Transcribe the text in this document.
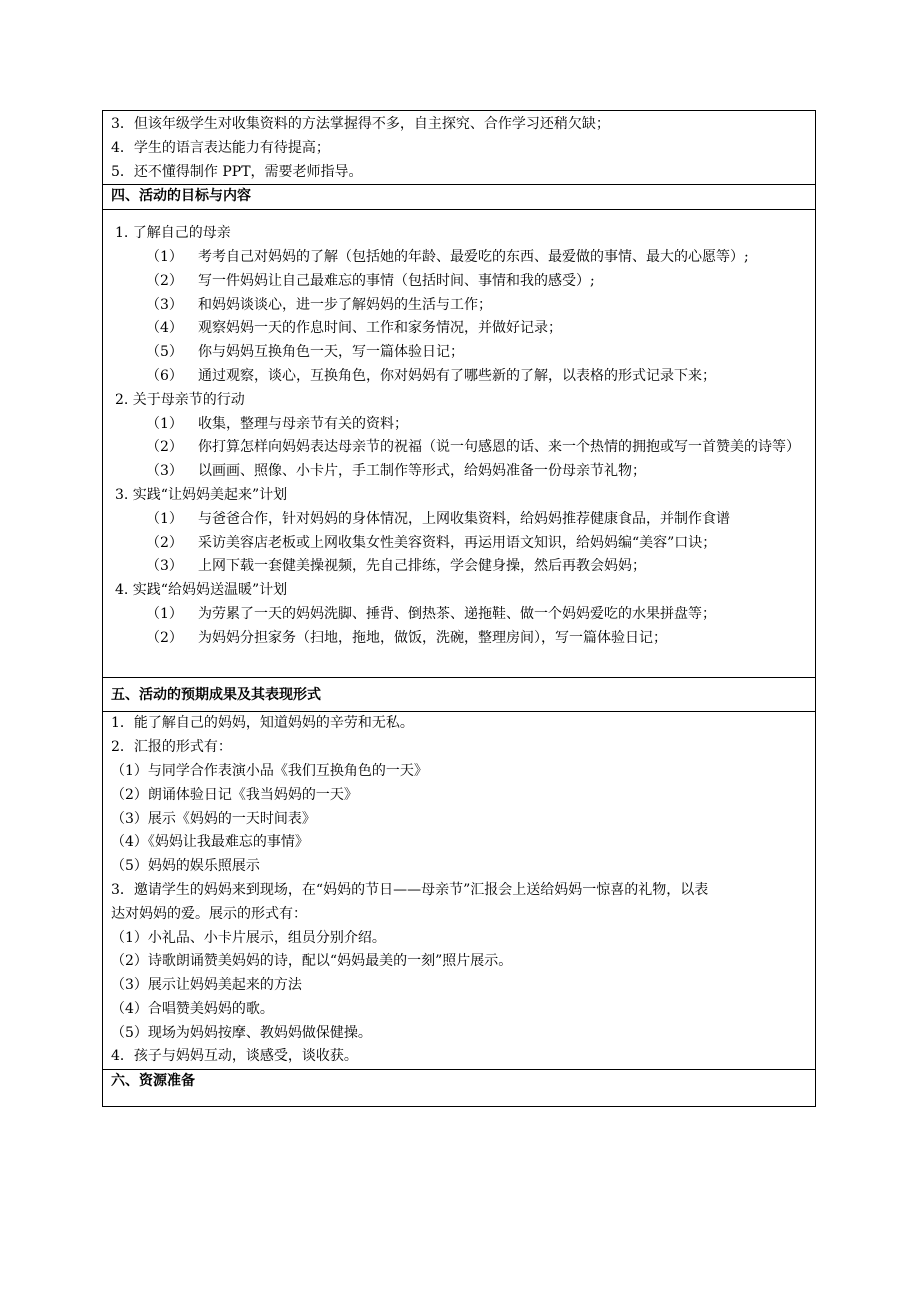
3．但该年级学生对收集资料的方法掌握得不多，自主探究、合作学习还稍欠缺；
4．学生的语言表达能力有待提高；
5．还不懂得制作 PPT，需要老师指导。
四、活动的目标与内容
1. 了解自己的母亲
（1）	考考自己对妈妈的了解（包括她的年龄、最爱吃的东西、最爱做的事情、最大的心愿等）;
（2）	写一件妈妈让自己最难忘的事情（包括时间、事情和我的感受）;
（3）	和妈妈谈谈心，进一步了解妈妈的生活与工作；
（4）	观察妈妈一天的作息时间、工作和家务情况，并做好记录；
（5）	你与妈妈互换角色一天，写一篇体验日记；
（6）	通过观察，谈心，互换角色，你对妈妈有了哪些新的了解，以表格的形式记录下来；
2. 关于母亲节的行动
（1）	收集，整理与母亲节有关的资料；
（2）	你打算怎样向妈妈表达母亲节的祝福（说一句感恩的话、来一个热情的拥抱或写一首赞美的诗等）
（3）	以画画、照像、小卡片，手工制作等形式，给妈妈准备一份母亲节礼物；
3. 实践“让妈妈美起来”计划
（1）	与爸爸合作，针对妈妈的身体情况，上网收集资料，给妈妈推荐健康食品，并制作食谱
（2）	采访美容店老板或上网收集女性美容资料，再运用语文知识，给妈妈编“美容”口诀；
（3）	上网下载一套健美操视频，先自己排练，学会健身操，然后再教会妈妈；
4. 实践“给妈妈送温暖”计划
（1）	为劳累了一天的妈妈洗脚、捶背、倒热茶、递拖鞋、做一个妈妈爱吃的水果拼盘等；
（2）	为妈妈分担家务（扫地，拖地，做饭，洗碗，整理房间），写一篇体验日记；
五、活动的预期成果及其表现形式
1．能了解自己的妈妈，知道妈妈的辛劳和无私。
2．汇报的形式有：
（1）与同学合作表演小品《我们互换角色的一天》
（2）朗诵体验日记《我当妈妈的一天》
（3）展示《妈妈的一天时间表》
（4）《妈妈让我最难忘的事情》
（5）妈妈的娱乐照展示
3．邀请学生的妈妈来到现场，在“妈妈的节日——母亲节”汇报会上送给妈妈一惊喜的礼物，以表
达对妈妈的爱。展示的形式有：
（1）小礼品、小卡片展示，组员分别介绍。
（2）诗歌朗诵赞美妈妈的诗，配以“妈妈最美的一刻”照片展示。
（3）展示让妈妈美起来的方法
（4）合唱赞美妈妈的歌。
（5）现场为妈妈按摩、教妈妈做保健操。
4．孩子与妈妈互动，谈感受，谈收获。
六、资源准备
